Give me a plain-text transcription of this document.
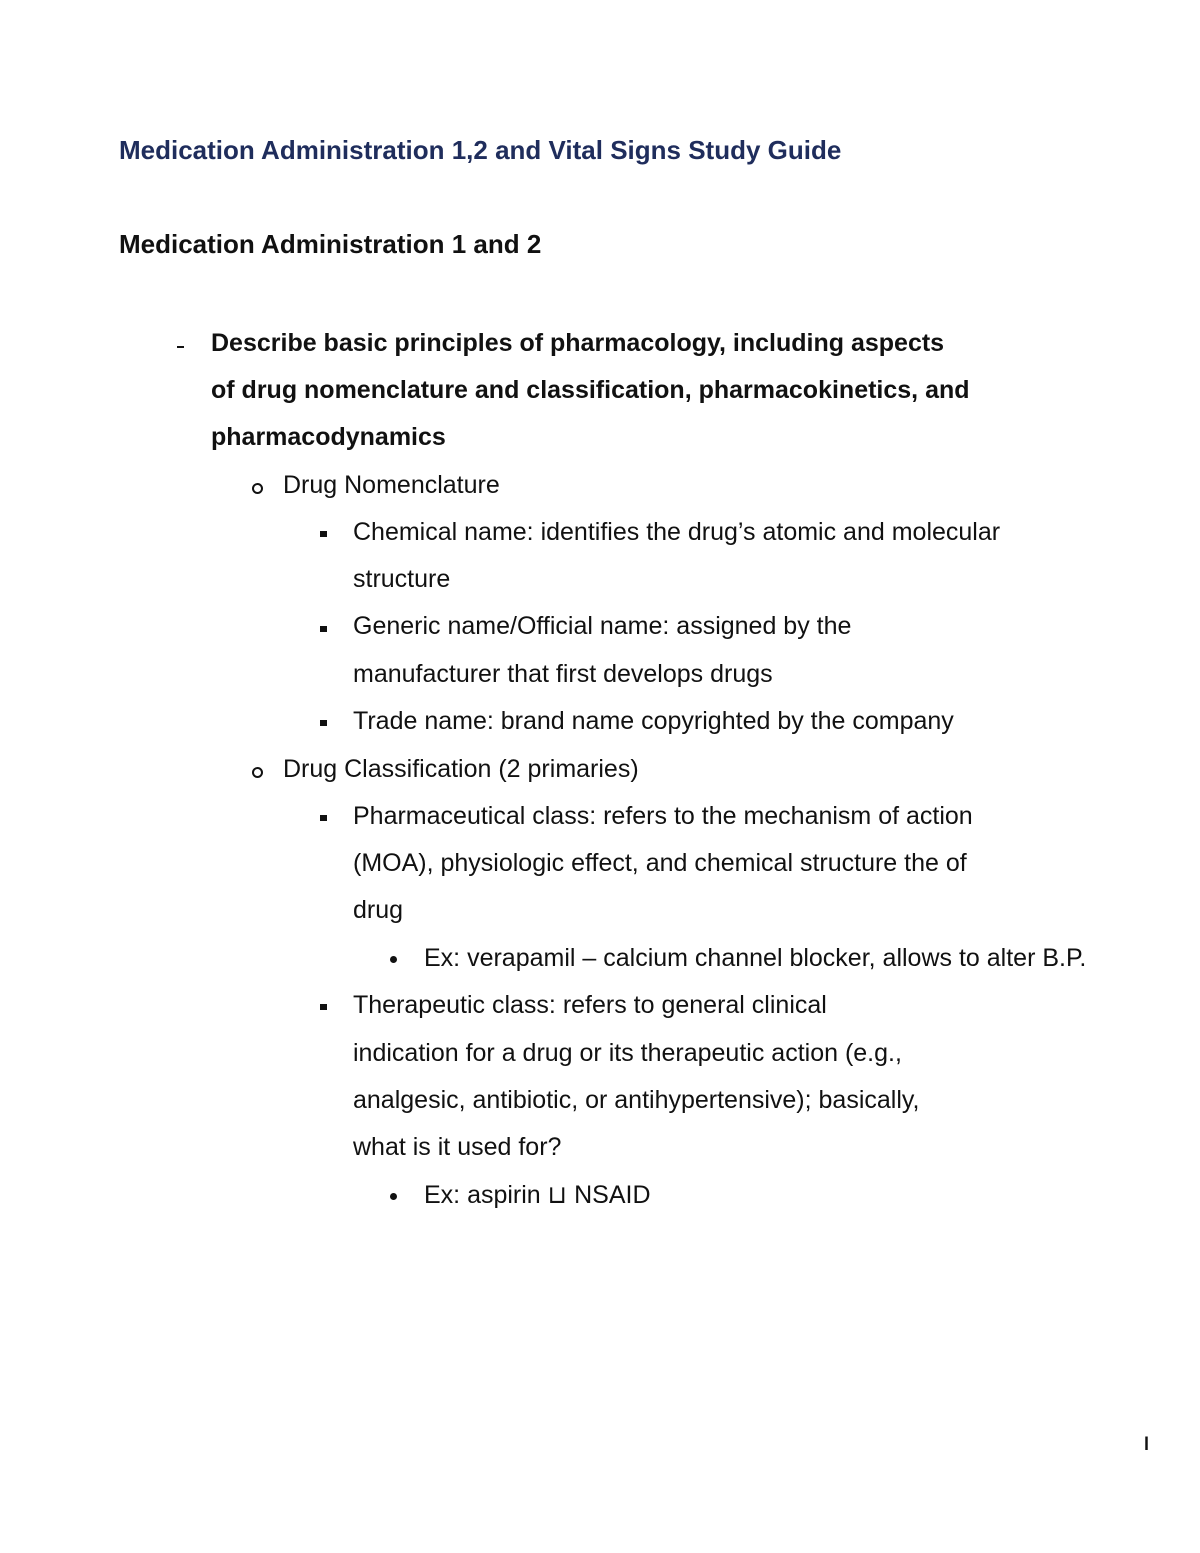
Medication Administration 1,2 and Vital Signs Study Guide
Medication Administration 1 and 2
Describe basic principles of pharmacology, including aspects
of drug nomenclature and classification, pharmacokinetics, and
pharmacodynamics
Drug Nomenclature
Chemical name: identifies the drug’s atomic and molecular
structure
Generic name/Official name: assigned by the
manufacturer that first develops drugs
Trade name: brand name copyrighted by the company
Drug Classification (2 primaries)
Pharmaceutical class: refers to the mechanism of action
(MOA), physiologic effect, and chemical structure the of
drug
Ex: verapamil – calcium channel blocker, allows to alter B.P.
Therapeutic class: refers to general clinical
indication for a drug or its therapeutic action (e.g.,
analgesic, antibiotic, or antihypertensive); basically,
what is it used for?
Ex: aspirin ⊔ NSAID
l
